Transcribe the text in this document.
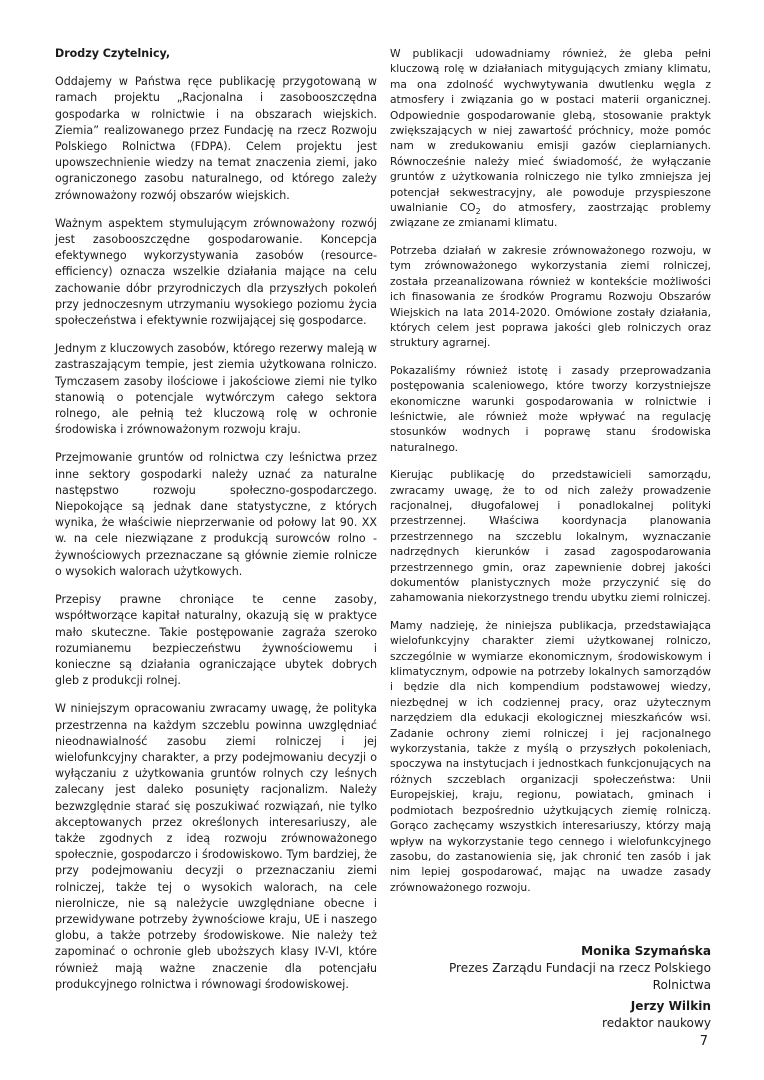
Drodzy Czytelnicy,

Oddajemy w Państwa ręce publikację przygotowaną w ramach projektu „Racjonalna i zasobooszczędna gospodarka w rolnictwie i na obszarach wiejskich. Ziemia” realizowanego przez Fundację na rzecz Rozwoju Polskiego Rolnictwa (FDPA). Celem projektu jest upowszechnienie wiedzy na temat znaczenia ziemi, jako ograniczonego zasobu naturalnego, od którego zależy zrównoważony rozwój obszarów wiejskich.

Ważnym aspektem stymulującym zrównoważony rozwój jest zasobooszczędne gospodarowanie. Koncepcja efektywnego wykorzystywania zasobów (resource-efficiency) oznacza wszelkie działania mające na celu zachowanie dóbr przyrodniczych dla przyszłych pokoleń przy jednoczesnym utrzymaniu wysokiego poziomu życia społeczeństwa i efektywnie rozwijającej się gospodarce.

Jednym z kluczowych zasobów, którego rezerwy maleją w zastraszającym tempie, jest ziemia użytkowana rolniczo. Tymczasem zasoby ilościowe i jakościowe ziemi nie tylko stanowią o potencjale wytwórczym całego sektora rolnego, ale pełnią też kluczową rolę w ochronie środowiska i zrównoważonym rozwoju kraju.

Przejmowanie gruntów od rolnictwa czy leśnictwa przez inne sektory gospodarki należy uznać za naturalne następstwo rozwoju społeczno-gospodarczego. Niepokojące są jednak dane statystyczne, z których wynika, że właściwie nieprzerwanie od połowy lat 90. XX w. na cele niezwiązane z produkcją surowców rolno - żywnościowych przeznaczane są głównie ziemie rolnicze o wysokich walorach użytkowych.

Przepisy prawne chroniące te cenne zasoby, współtworzące kapitał naturalny, okazują się w praktyce mało skuteczne. Takie postępowanie zagraża szeroko rozumianemu bezpieczeństwu żywnościowemu i konieczne są działania ograniczające ubytek dobrych gleb z produkcji rolnej.

W niniejszym opracowaniu zwracamy uwagę, że polityka przestrzenna na każdym szczeblu powinna uwzględniać nieodnawialność zasobu ziemi rolniczej i jej wielofunkcyjny charakter, a przy podejmowaniu decyzji o wyłączaniu z użytkowania gruntów rolnych czy leśnych zalecany jest daleko posunięty racjonalizm. Należy bezwzględnie starać się poszukiwać rozwiązań, nie tylko akceptowanych przez określonych interesariuszy, ale także zgodnych z ideą rozwoju zrównoważonego społecznie, gospodarczo i środowiskowo. Tym bardziej, że przy podejmowaniu decyzji o przeznaczaniu ziemi rolniczej, także tej o wysokich walorach, na cele nierolnicze, nie są należycie uwzględniane obecne i przewidywane potrzeby żywnościowe kraju, UE i naszego globu, a także potrzeby środowiskowe. Nie należy też zapominać o ochronie gleb uboższych klasy IV-VI, które również mają ważne znaczenie dla potencjału produkcyjnego rolnictwa i równowagi środowiskowej.

W publikacji udowadniamy również, że gleba pełni kluczową rolę w działaniach mitygujących zmiany klimatu, ma ona zdolność wychwytywania dwutlenku węgla z atmosfery i związania go w postaci materii organicznej. Odpowiednie gospodarowanie glebą, stosowanie praktyk zwiększających w niej zawartość próchnicy, może pomóc nam w zredukowaniu emisji gazów cieplarnianych. Równocześnie należy mieć świadomość, że wyłączanie gruntów z użytkowania rolniczego nie tylko zmniejsza jej potencjał sekwestracyjny, ale powoduje przyspieszone uwalnianie $CO_2$ do atmosfery, zaostrzając problemy związane ze zmianami klimatu.

Potrzeba działań w zakresie zrównoważonego rozwoju, w tym zrównoważonego wykorzystania ziemi rolniczej, została przeanalizowana również w kontekście możliwości ich finasowania ze środków Programu Rozwoju Obszarów Wiejskich na lata 2014-2020. Omówione zostały działania, których celem jest poprawa jakości gleb rolniczych oraz struktury agrarnej.

Pokazaliśmy również istotę i zasady przeprowadzania postępowania scaleniowego, które tworzy korzystniejsze ekonomiczne warunki gospodarowania w rolnictwie i leśnictwie, ale również może wpływać na regulację stosunków wodnych i poprawę stanu środowiska naturalnego.

Kierując publikację do przedstawicieli samorządu, zwracamy uwagę, że to od nich zależy prowadzenie racjonalnej, długofalowej i ponadlokalnej polityki przestrzennej. Właściwa koordynacja planowania przestrzennego na szczeblu lokalnym, wyznaczanie nadrzędnych kierunków i zasad zagospodarowania przestrzennego gmin, oraz zapewnienie dobrej jakości dokumentów planistycznych może przyczynić się do zahamowania niekorzystnego trendu ubytku ziemi rolniczej.

Mamy nadzieję, że niniejsza publikacja, przedstawiająca wielofunkcyjny charakter ziemi użytkowanej rolniczo, szczególnie w wymiarze ekonomicznym, środowiskowym i klimatycznym, odpowie na potrzeby lokalnych samorządów i będzie dla nich kompendium podstawowej wiedzy, niezbędnej w ich codziennej pracy, oraz użytecznym narzędziem dla edukacji ekologicznej mieszkańców wsi. Zadanie ochrony ziemi rolniczej i jej racjonalnego wykorzystania, także z myślą o przyszłych pokoleniach, spoczywa na instytucjach i jednostkach funkcjonujących na różnych szczeblach organizacji społeczeństwa: Unii Europejskiej, kraju, regionu, powiatach, gminach i podmiotach bezpośrednio użytkujących ziemię rolniczą. Gorąco zachęcamy wszystkich interesariuszy, którzy mają wpływ na wykorzystanie tego cennego i wielofunkcyjnego zasobu, do zastanowienia się, jak chronić ten zasób i jak nim lepiej gospodarować, mając na uwadze zasady zrównoważonego rozwoju.

Monika Szymańska
Prezes Zarządu Fundacji na rzecz Polskiego Rolnictwa
Jerzy Wilkin
redaktor naukowy
7
